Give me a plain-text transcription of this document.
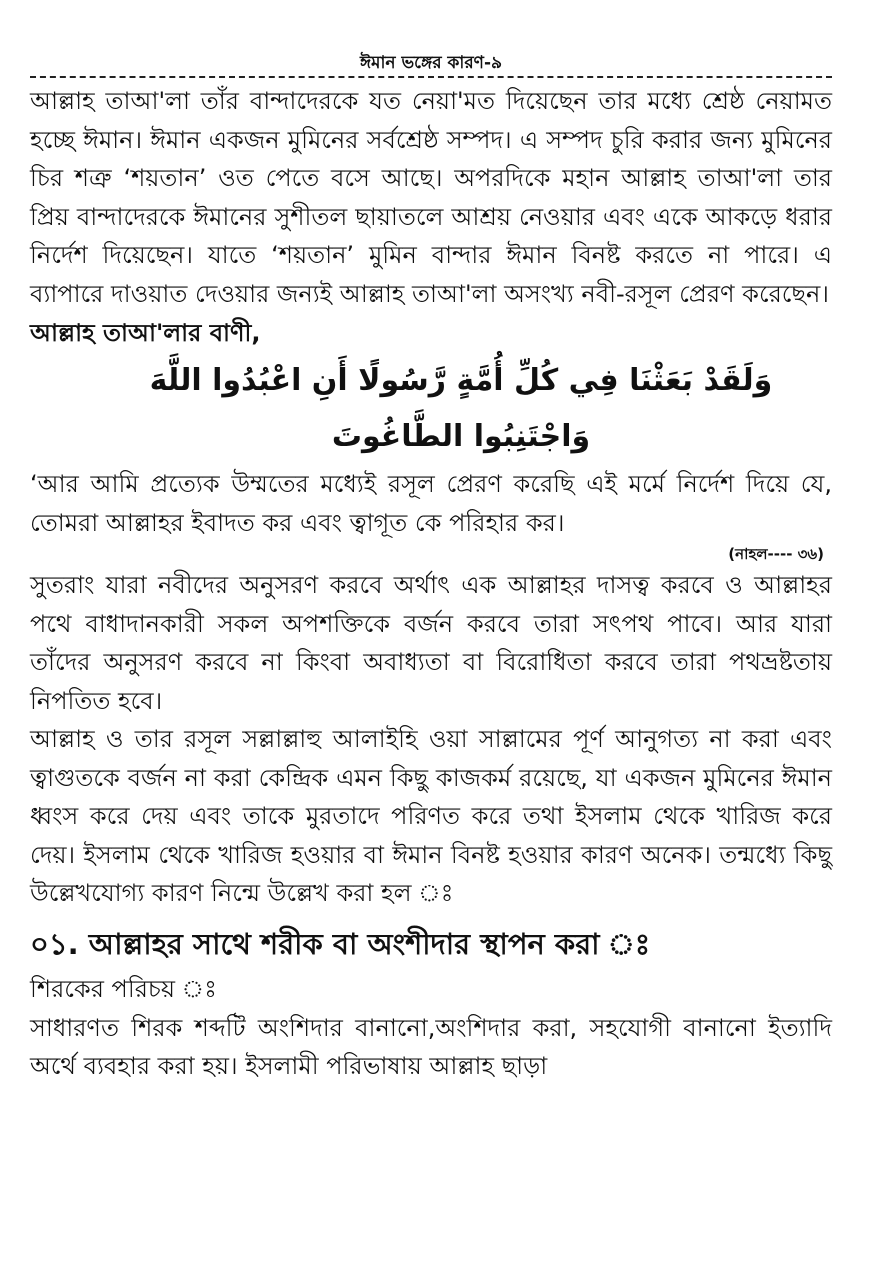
ঈমান ভঙ্গের কারণ-৯

আল্লাহ তাআ'লা তাঁর বান্দাদেরকে যত নেয়া'মত দিয়েছেন তার মধ্যে শ্রেষ্ঠ নেয়ামত হচ্ছে ঈমান। ঈমান একজন মুমিনের সর্বশ্রেষ্ঠ সম্পদ। এ সম্পদ চুরি করার জন্য মুমিনের চির শত্রু ‘শয়তান’ ওত পেতে বসে আছে। অপরদিকে মহান আল্লাহ তাআ'লা তার প্রিয় বান্দাদেরকে ঈমানের সুশীতল ছায়াতলে আশ্রয় নেওয়ার এবং একে আকড়ে ধরার নির্দেশ দিয়েছেন। যাতে ‘শয়তান’ মুমিন বান্দার ঈমান বিনষ্ট করতে না পারে। এ ব্যাপারে দাওয়াত দেওয়ার জন্যই আল্লাহ তাআ'লা অসংখ্য নবী-রসূল প্রেরণ করেছেন।

আল্লাহ তাআ'লার বাণী,

وَلَقَدْ بَعَثْنَا فِي كُلِّ أُمَّةٍ رَّسُولًا أَنِ اعْبُدُوا اللَّهَ وَاجْتَنِبُوا الطَّاغُوتَ

‘আর আমি প্রত্যেক উম্মতের মধ্যেই রসূল প্রেরণ করেছি এই মর্মে নির্দেশ দিয়ে যে, তোমরা আল্লাহর ইবাদত কর এবং ত্বাগূত কে পরিহার কর।

(নাহল---- ৩৬)

সুতরাং যারা নবীদের অনুসরণ করবে অর্থাৎ এক আল্লাহর দাসত্ব করবে ও আল্লাহর পথে বাধাদানকারী সকল অপশক্তিকে বর্জন করবে তারা সৎপথ পাবে। আর যারা তাঁদের অনুসরণ করবে না কিংবা অবাধ্যতা বা বিরোধিতা করবে তারা পথভ্রষ্টতায় নিপতিত হবে।

আল্লাহ ও তার রসূল সল্লাল্লাহু আলাইহি ওয়া সাল্লামের পূর্ণ আনুগত্য না করা এবং ত্বাগুতকে বর্জন না করা কেন্দ্রিক এমন কিছু কাজকর্ম রয়েছে, যা একজন মুমিনের ঈমান ধ্বংস করে দেয় এবং তাকে মুরতাদে পরিণত করে তথা ইসলাম থেকে খারিজ করে দেয়। ইসলাম থেকে খারিজ হওয়ার বা ঈমান বিনষ্ট হওয়ার কারণ অনেক। তন্মধ্যে কিছু উল্লেখযোগ্য কারণ নিন্মে উল্লেখ করা হল ঃ

০১. আল্লাহর সাথে শরীক বা অংশীদার স্থাপন করা ঃ

শিরকের পরিচয় ঃ

সাধারণত শিরক শব্দটি অংশিদার বানানো,অংশিদার করা, সহযোগী বানানো ইত্যাদি অর্থে ব্যবহার করা হয়। ইসলামী পরিভাষায় আল্লাহ ছাড়া
